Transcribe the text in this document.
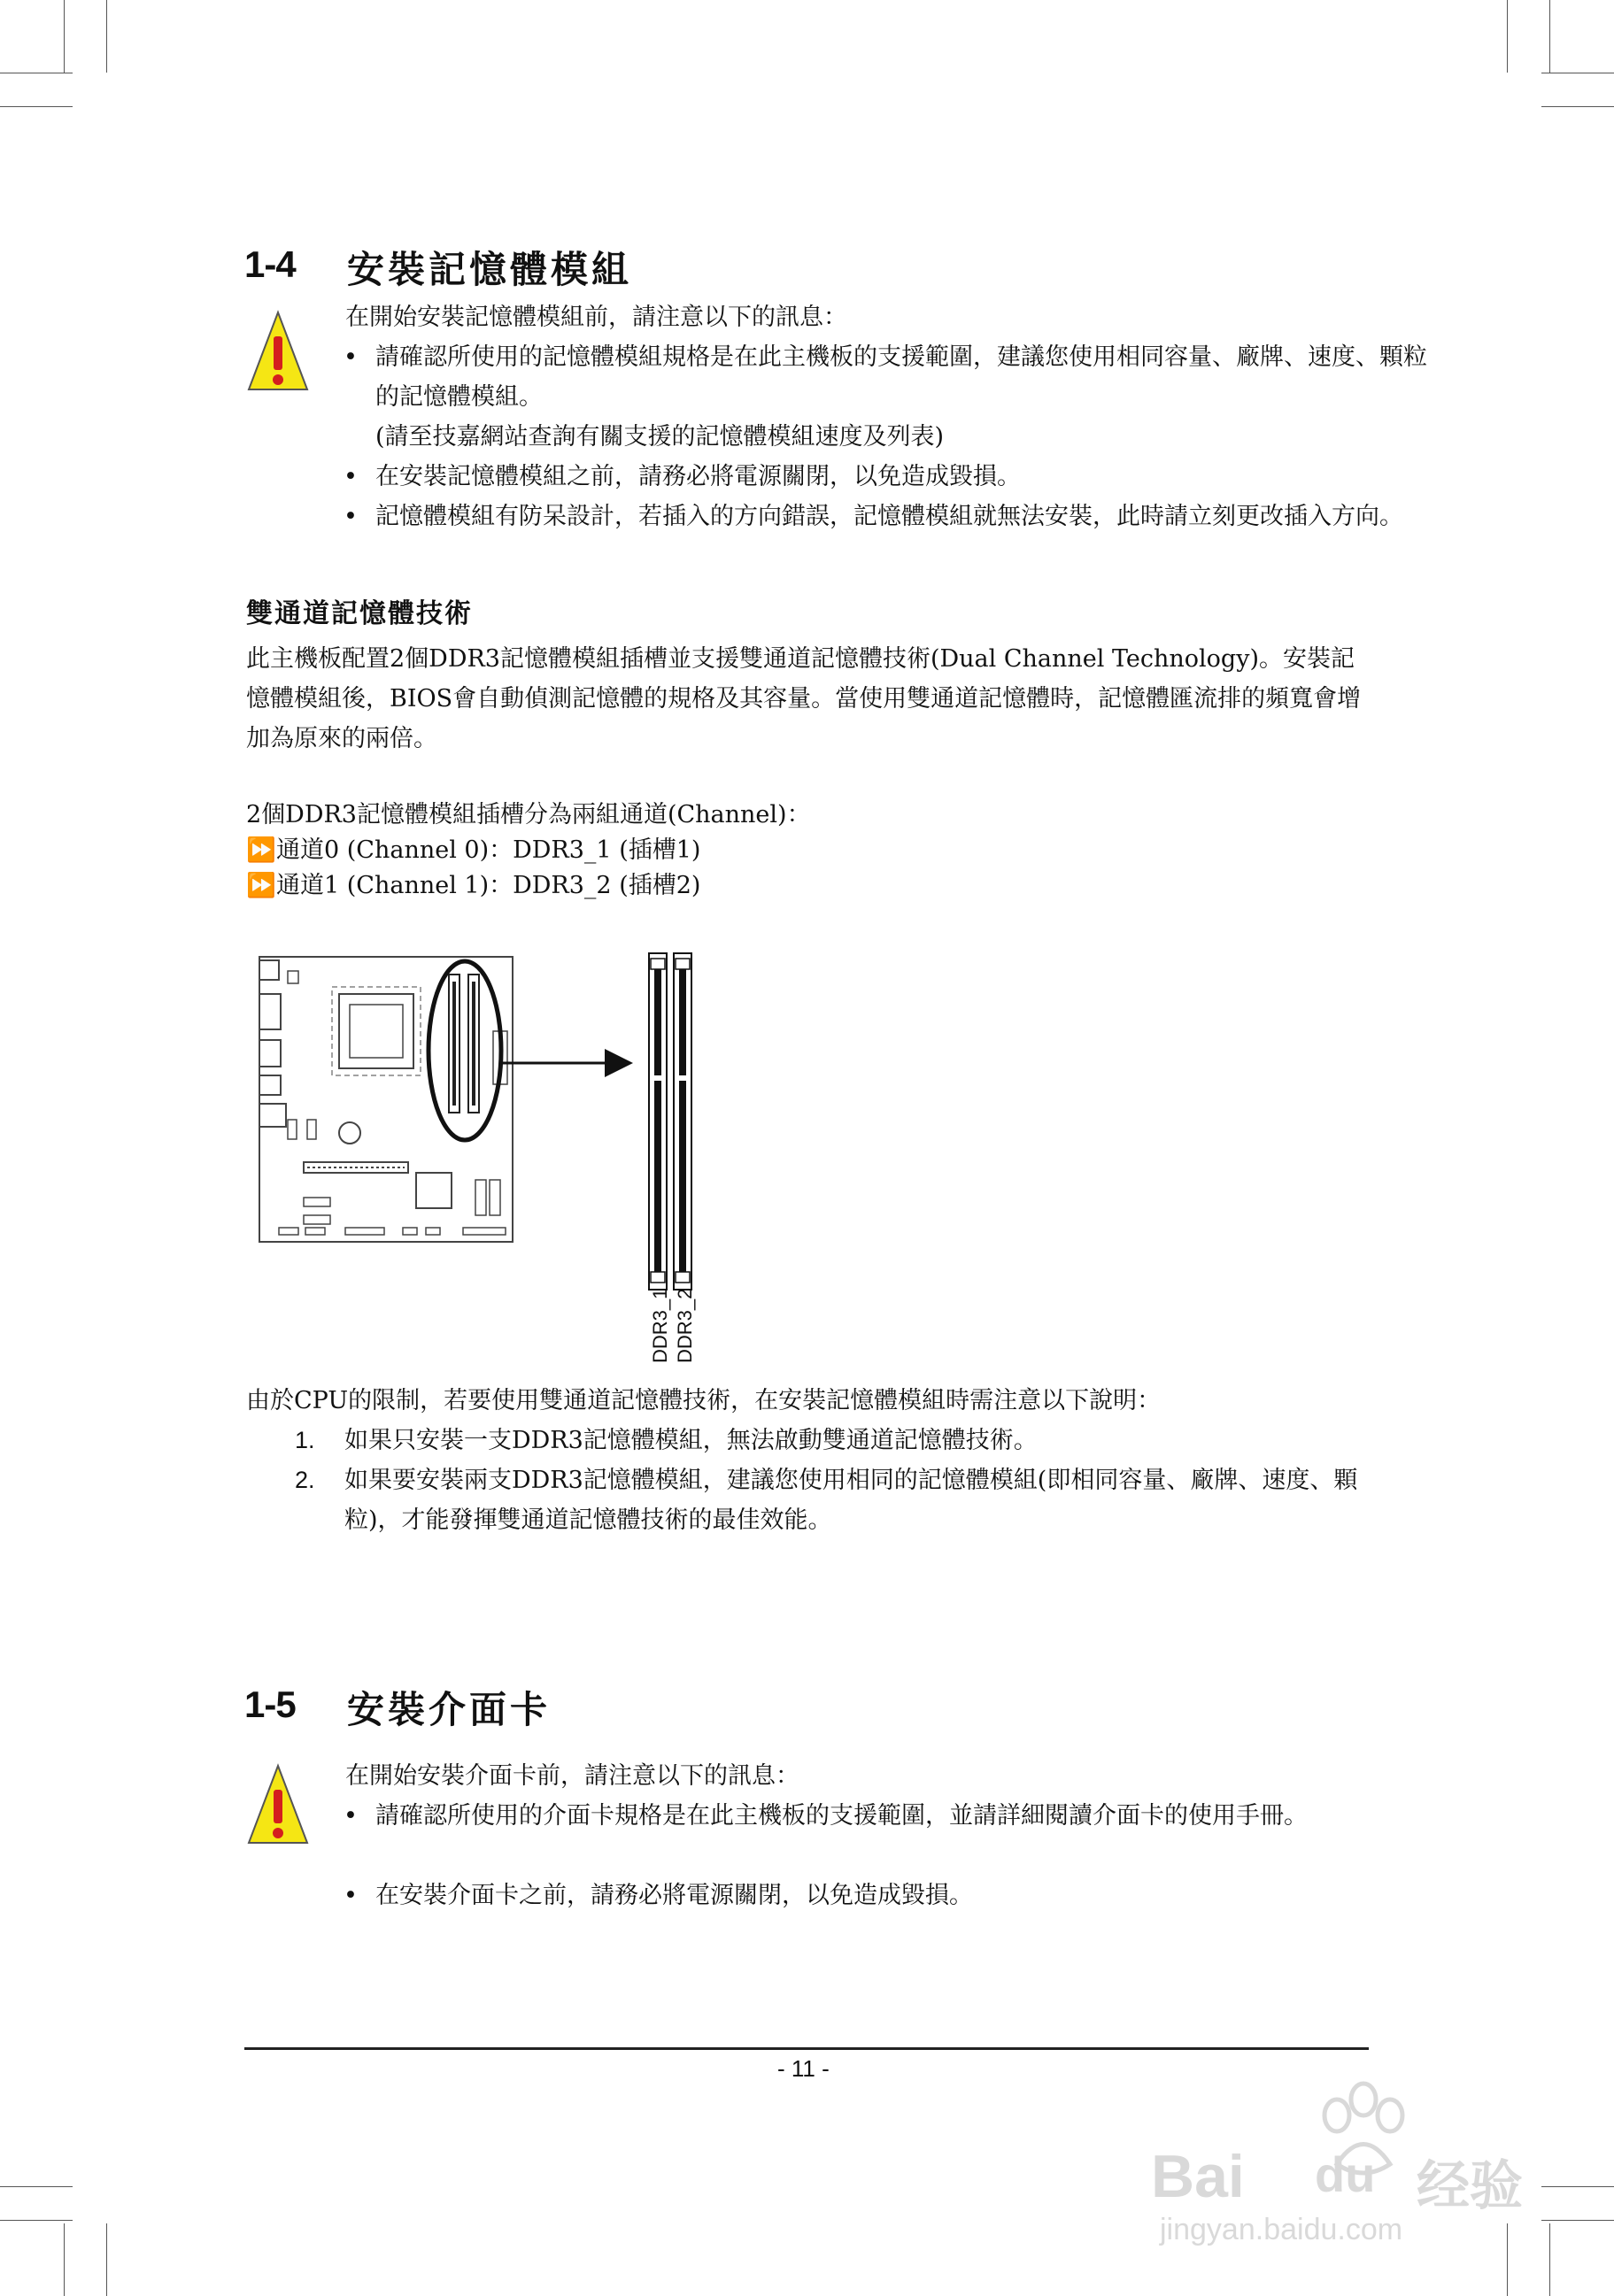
1-4 安裝記憶體模組
在開始安裝記憶體模組前，請注意以下的訊息：
• 請確認所使用的記憶體模組規格是在此主機板的支援範圍，建議您使用相同容量、廠牌、速度、顆粒的記憶體模組。
(請至技嘉網站查詢有關支援的記憶體模組速度及列表)
• 在安裝記憶體模組之前，請務必將電源關閉，以免造成毀損。
• 記憶體模組有防呆設計，若插入的方向錯誤，記憶體模組就無法安裝，此時請立刻更改插入方向。
雙通道記憶體技術
此主機板配置2個DDR3記憶體模組插槽並支援雙通道記憶體技術(Dual Channel Technology)。安裝記憶體模組後，BIOS會自動偵測記憶體的規格及其容量。當使用雙通道記憶體時，記憶體匯流排的頻寬會增加為原來的兩倍。
2個DDR3記憶體模組插槽分為兩組通道(Channel)：
⏩通道0 (Channel 0)：DDR3_1 (插槽1)
⏩通道1 (Channel 1)：DDR3_2 (插槽2)
DDR3_1 DDR3_2
由於CPU的限制，若要使用雙通道記憶體技術，在安裝記憶體模組時需注意以下說明：
1. 如果只安裝一支DDR3記憶體模組，無法啟動雙通道記憶體技術。
2. 如果要安裝兩支DDR3記憶體模組，建議您使用相同的記憶體模組(即相同容量、廠牌、速度、顆粒)，才能發揮雙通道記憶體技術的最佳效能。
1-5 安裝介面卡
在開始安裝介面卡前，請注意以下的訊息：
• 請確認所使用的介面卡規格是在此主機板的支援範圍，並請詳細閱讀介面卡的使用手冊。
• 在安裝介面卡之前，請務必將電源關閉，以免造成毀損。
- 11 -
Bai du 经验
jingyan.baidu.com
